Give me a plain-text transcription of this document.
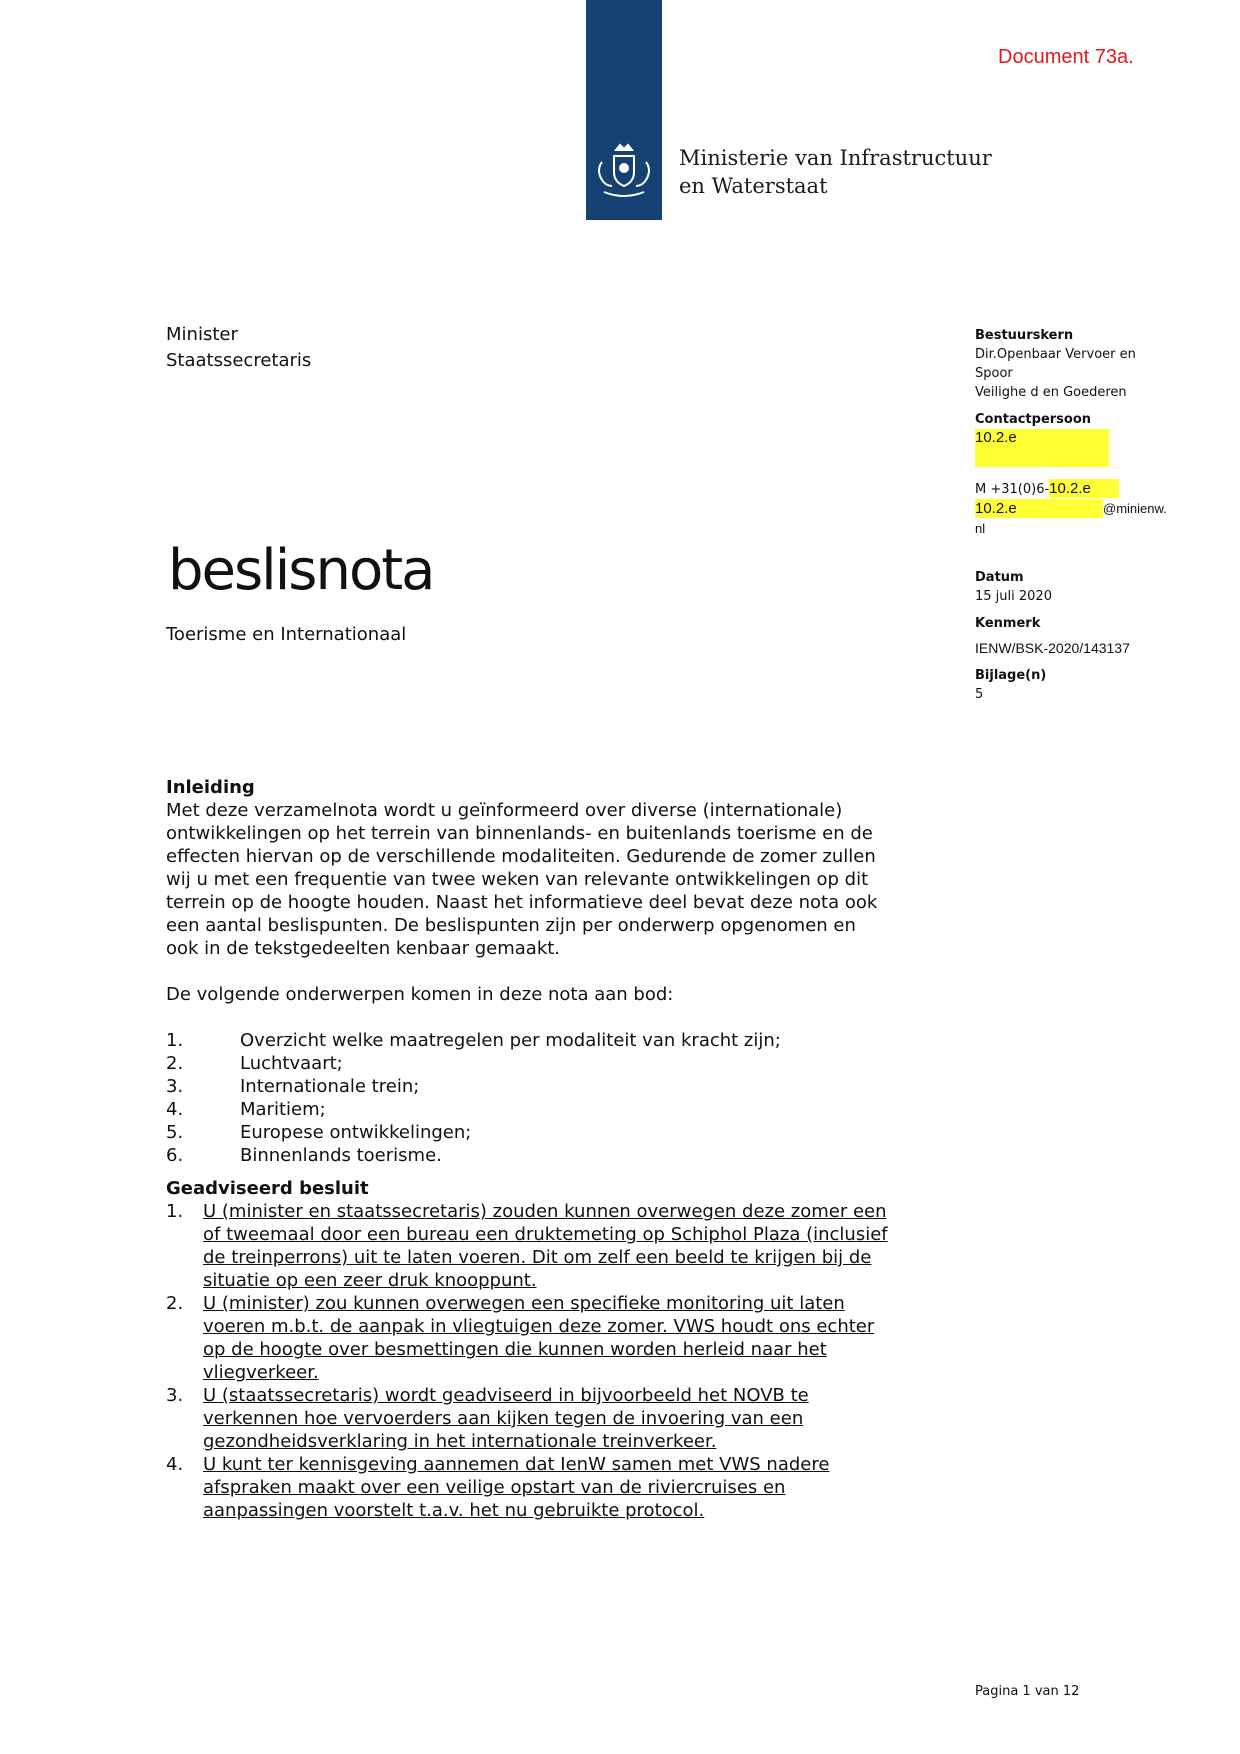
Ministerie van Infrastructuur
en Waterstaat
Document 73a.
Minister
Staatssecretaris
beslisnota
Toerisme en Internationaal
Bestuurskern
Dir.Openbaar Vervoer en
Spoor
Veilighe d en Goederen
Contactpersoon
10.2.e
M +31(0)6-10.2.e
10.2.e	@minienw.
nl
Datum
15 juli 2020
Kenmerk
IENW/BSK-2020/143137
Bijlage(n)
5

Inleiding

Met deze verzamelnota wordt u geïnformeerd over diverse (internationale)

ontwikkelingen op het terrein van binnenlands- en buitenlands toerisme en de

effecten hiervan op de verschillende modaliteiten. Gedurende de zomer zullen

wij u met een frequentie van twee weken van relevante ontwikkelingen op dit

terrein op de hoogte houden. Naast het informatieve deel bevat deze nota ook

een aantal beslispunten. De beslispunten zijn per onderwerp opgenomen en

ook in de tekstgedeelten kenbaar gemaakt.

De volgende onderwerpen komen in deze nota aan bod:

1.	Overzicht welke maatregelen per modaliteit van kracht zijn;
2.	Luchtvaart;
3.	Internationale trein;
4.	Maritiem;
5.	Europese ontwikkelingen;
6.	Binnenlands toerisme.

Geadviseerd besluit

1.	U (minister en staatssecretaris) zouden kunnen overwegen deze zomer een
of tweemaal door een bureau een druktemeting op Schiphol Plaza (inclusief
de treinperrons) uit te laten voeren. Dit om zelf een beeld te krijgen bij de
situatie op een zeer druk knooppunt.
2.	U (minister) zou kunnen overwegen een specifieke monitoring uit laten
voeren m.b.t. de aanpak in vliegtuigen deze zomer. VWS houdt ons echter
op de hoogte over besmettingen die kunnen worden herleid naar het
vliegverkeer.
3.	U (staatssecretaris) wordt geadviseerd in bijvoorbeeld het NOVB te
verkennen hoe vervoerders aan kijken tegen de invoering van een
gezondheidsverklaring in het internationale treinverkeer.
4.	U kunt ter kennisgeving aannemen dat IenW samen met VWS nadere
afspraken maakt over een veilige opstart van de riviercruises en
aanpassingen voorstelt t.a.v. het nu gebruikte protocol.
Pagina 1 van 12
